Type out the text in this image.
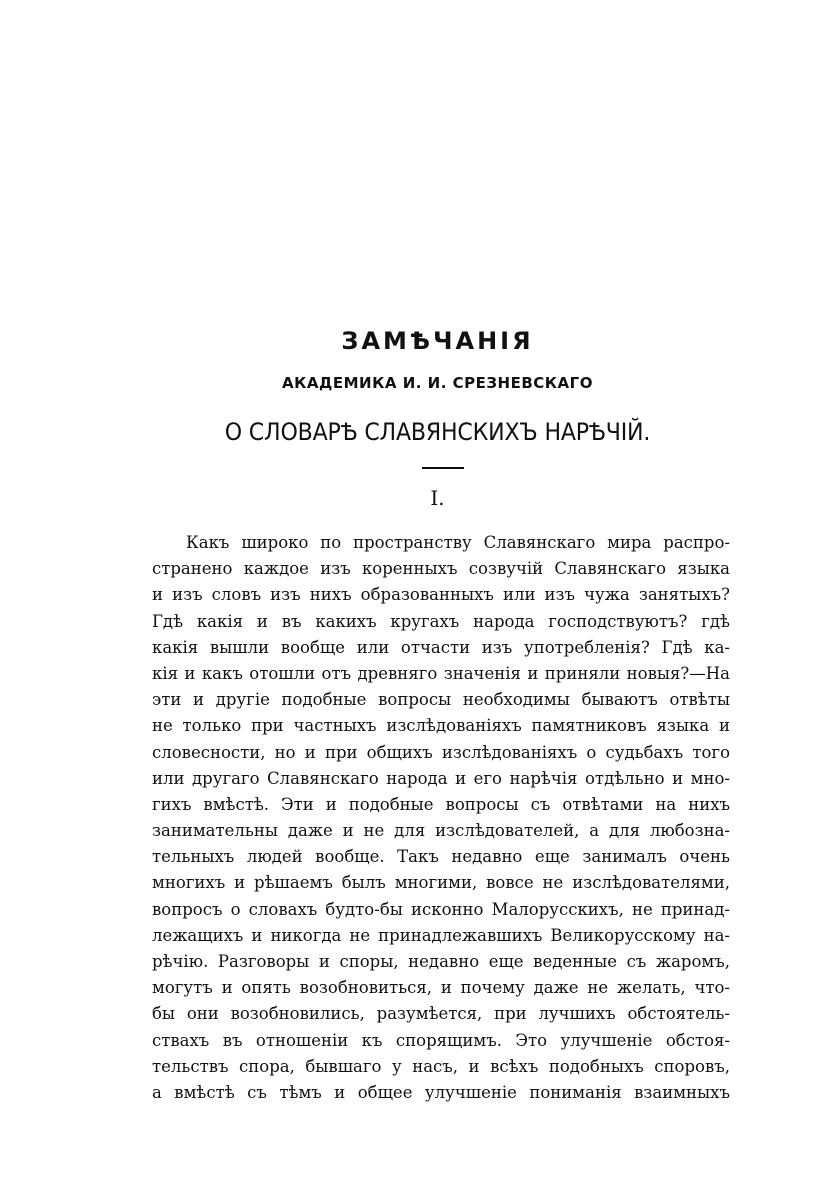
ЗАМѢЧАНІЯ
АКАДЕМИКА И. И. СРЕЗНЕВСКАГО
О СЛОВАРѢ СЛАВЯНСКИХЪ НАРѢЧІЙ.
I.
Какъ широко по пространству Славянскаго мира распро-
странено каждое изъ коренныхъ созвучій Славянскаго языка
и изъ словъ изъ нихъ образованныхъ или изъ чужа занятыхъ?
Гдѣ какія и въ какихъ кругахъ народа господствуютъ? гдѣ
какія вышли вообще или отчасти изъ употребленія? Гдѣ ка-
кія и какъ отошли отъ древняго значенія и приняли новыя?—На
эти и другіе подобные вопросы необходимы бываютъ отвѣты
не только при частныхъ изслѣдованіяхъ памятниковъ языка и
словесности, но и при общихъ изслѣдованіяхъ о судьбахъ того
или другаго Славянскаго народа и его нарѣчія отдѣльно и мно-
гихъ вмѣстѣ. Эти и подобные вопросы съ отвѣтами на нихъ
занимательны даже и не для изслѣдователей, а для любозна-
тельныхъ людей вообще. Такъ недавно еще занималъ очень
многихъ и рѣшаемъ былъ многими, вовсе не изслѣдователями,
вопросъ о словахъ будто-бы исконно Малорусскихъ, не принад-
лежащихъ и никогда не принадлежавшихъ Великорусскому на-
рѣчію. Разговоры и споры, недавно еще веденные съ жаромъ,
могутъ и опять возобновиться, и почему даже не желать, что-
бы они возобновились, разумѣется, при лучшихъ обстоятель-
ствахъ въ отношеніи къ спорящимъ. Это улучшеніе обстоя-
тельствъ спора, бывшаго у насъ, и всѣхъ подобныхъ споровъ,
а вмѣстѣ съ тѣмъ и общее улучшеніе пониманія взаимныхъ
